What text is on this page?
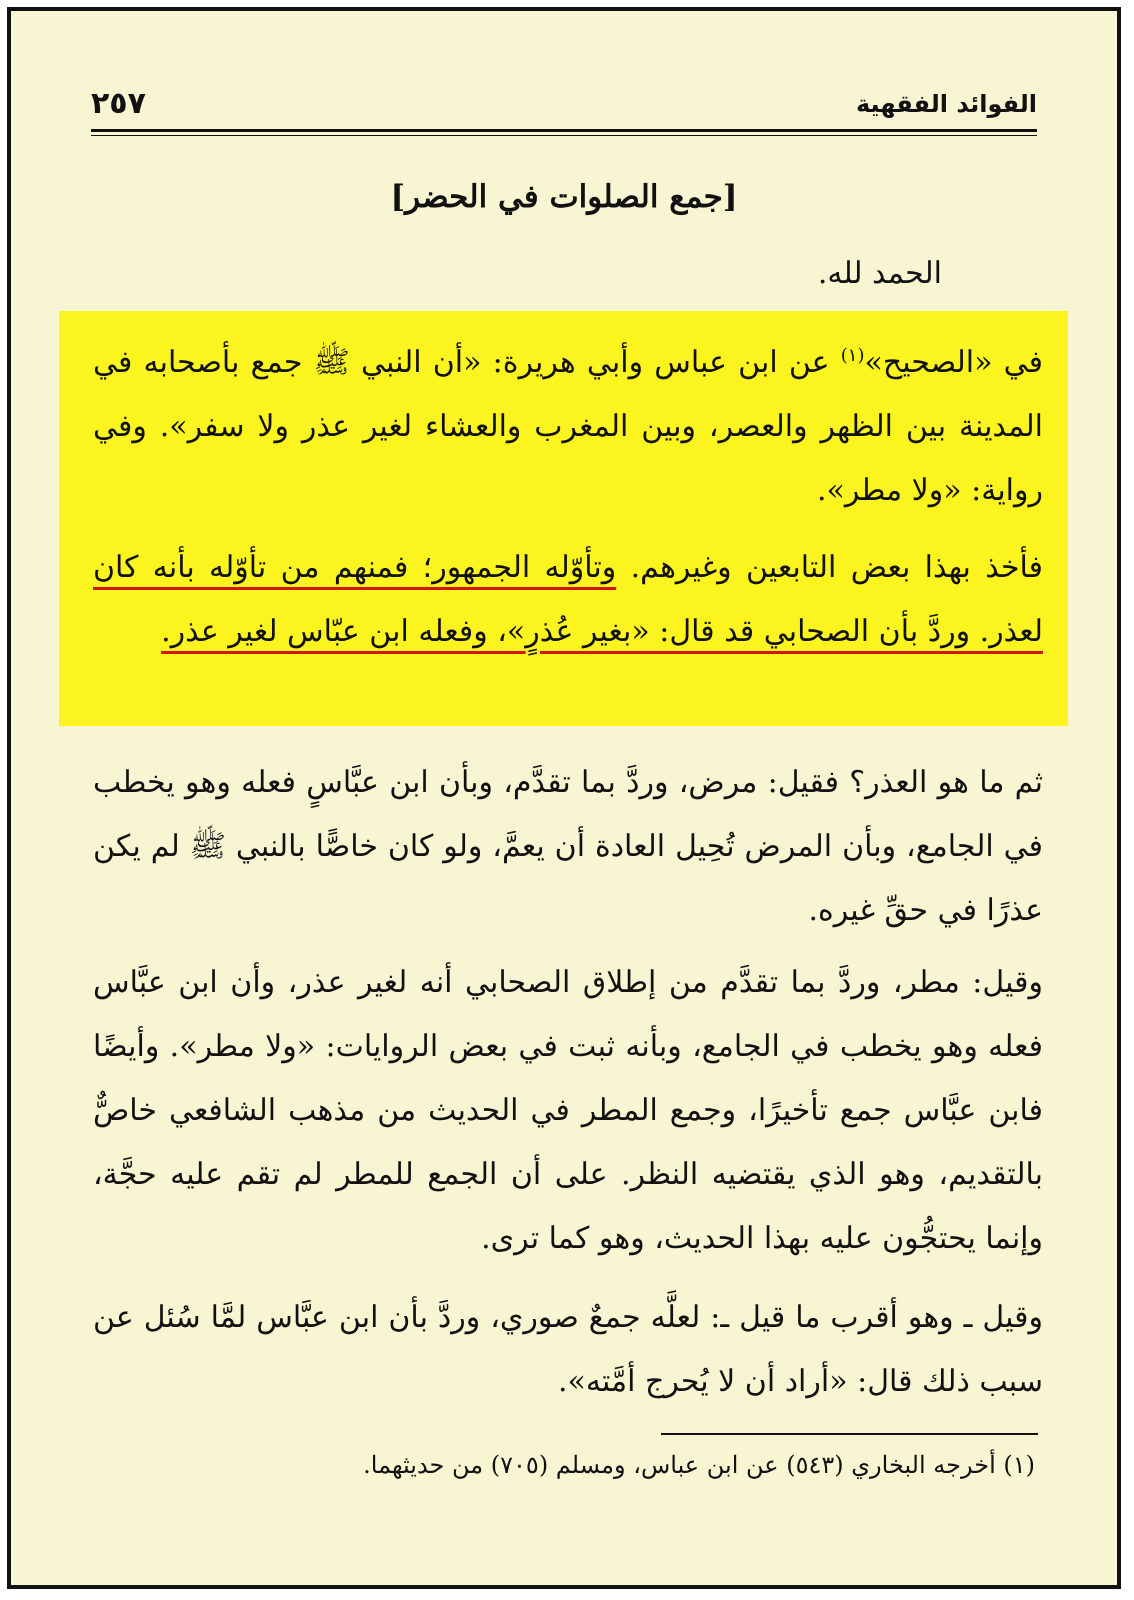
الفوائد الفقهية
٢٥٧
[جمع الصلوات في الحضر]
الحمد لله.

في «الصحيح»$^{(١)}$ عن ابن عباس وأبي هريرة: «أن النبي ﷺ جمع بأصحابه في المدينة بين الظهر والعصر، وبين المغرب والعشاء لغير عذر ولا سفر». وفي رواية: «ولا مطر».

فأخذ بهذا بعض التابعين وغيرهم. وتأوّله الجمهور؛ فمنهم من تأوّله بأنه كان لعذر. وردَّ بأن الصحابي قد قال: «بغير عُذرٍ»، وفعله ابن عبّاس لغير عذر.

ثم ما هو العذر؟ فقيل: مرض، وردَّ بما تقدَّم، وبأن ابن عبَّاسٍ فعله وهو يخطب في الجامع، وبأن المرض تُحِيل العادة أن يعمَّ، ولو كان خاصًّا بالنبي ﷺ لم يكن عذرًا في حقِّ غيره.

وقيل: مطر، وردَّ بما تقدَّم من إطلاق الصحابي أنه لغير عذر، وأن ابن عبَّاس فعله وهو يخطب في الجامع، وبأنه ثبت في بعض الروايات: «ولا مطر». وأيضًا فابن عبَّاس جمع تأخيرًا، وجمع المطر في الحديث من مذهب الشافعي خاصٌّ بالتقديم، وهو الذي يقتضيه النظر. على أن الجمع للمطر لم تقم عليه حجَّة، وإنما يحتجُّون عليه بهذا الحديث، وهو كما ترى.

وقيل ـ وهو أقرب ما قيل ـ: لعلَّه جمعٌ صوري، وردَّ بأن ابن عبَّاس لمَّا سُئل عن سبب ذلك قال: «أراد أن لا يُحرج أمَّته».

(١) أخرجه البخاري (٥٤٣) عن ابن عباس، ومسلم (٧٠٥) من حديثهما.
